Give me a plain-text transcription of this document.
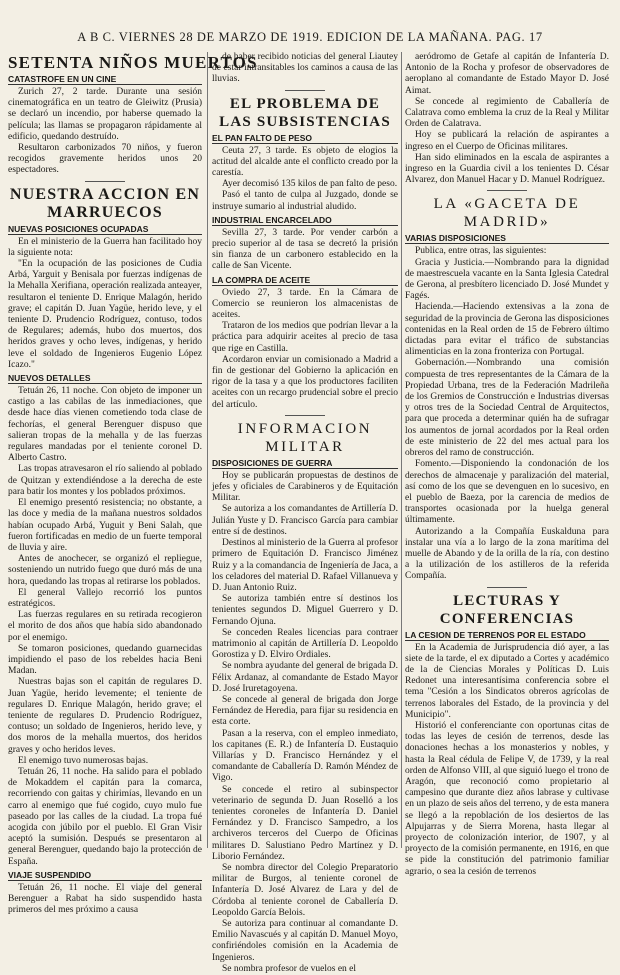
A B C. VIERNES 28 DE MARZO DE 1919. EDICION DE LA MAÑANA. PAG. 17
SETENTA NIÑOS MUERTOS
CATASTROFE EN UN CINE

Zurich 27, 2 tarde. Durante una sesión cinematográfica en un teatro de Gleiwitz (Prusia) se declaró un incendio, por haberse quemado la película; las llamas se propagaron rápidamente al edificio, quedando destruído.

Resultaron carbonizados 70 niños, y fueron recogidos gravemente heridos unos 20 espectadores.

NUESTRA ACCION EN MARRUECOS
NUEVAS POSICIONES OCUPADAS

En el ministerio de la Guerra han facilitado hoy la siguiente nota:

"En la ocupación de las posiciones de Cudia Arbá, Yarguit y Benisala por fuerzas indígenas de la Mehalla Xerifiana, operación realizada anteayer, resultaron el teniente D. Enrique Malagón, herido grave; el capitán D. Juan Yagüe, herido leve, y el teniente D. Prudencio Rodríguez, contuso, todos de Regulares; además, hubo dos muertos, dos heridos graves y ocho leves, indígenas, y herido leve el soldado de Ingenieros Eugenio López Icazo."

NUEVOS DETALLES

Tetuán 26, 11 noche. Con objeto de imponer un castigo a las cabilas de las inmediaciones, que desde hace días vienen cometiendo toda clase de fechorías, el general Berenguer dispuso que salieran tropas de la mehalla y de las fuerzas regulares mandadas por el teniente coronel D. Alberto Castro.

Las tropas atravesaron el río saliendo al poblado de Quitzan y extendiéndose a la derecha de este para batir los montes y los poblados próximos.

El enemigo presentó resistencia; no obstante, a las doce y media de la mañana nuestros soldados habían ocupado Arbá, Yuguit y Beni Salah, que fueron fortificadas en medio de un fuerte temporal de lluvia y aire.

Antes de anochecer, se organizó el repliegue, sosteniendo un nutrido fuego que duró más de una hora, quedando las tropas al retirarse los poblados.

El general Vallejo recorrió los puntos estratégicos.

Las fuerzas regulares en su retirada recogieron el morito de dos años que había sido abandonado por el enemigo.

Se tomaron posiciones, quedando guarnecidas impidiendo el paso de los rebeldes hacia Beni Madan.

Nuestras bajas son el capitán de regulares D. Juan Yagüe, herido levemente; el teniente de regulares D. Enrique Malagón, herido grave; el teniente de regulares D. Prudencio Rodríguez, contuso; un soldado de Ingenieros, herido leve, y dos moros de la mehalla muertos, dos heridos graves y ocho heridos leves.

El enemigo tuvo numerosas bajas.

Tetuán 26, 11 noche. Ha salido para el poblado de Mokaddem el capitán para la comarca, recorriendo con gaitas y chirimías, llevando en un carro al enemigo que fué cogido, cuyo mulo fue paseado por las calles de la ciudad. La tropa fué acogida con júbilo por el pueblo. El Gran Visir aceptó la sumisión. Después se presentaron al general Berenguer, quedando bajo la protección de España.

VIAJE SUSPENDIDO

Tetuán 26, 11 noche. El viaje del general Berenguer a Rabat ha sido suspendido hasta primeros del mes próximo a causa

de haber recibido noticias del general Liautey de estar intransitables los caminos a causa de las lluvias.

EL PROBLEMA DE LAS SUBSISTENCIAS
EL PAN FALTO DE PESO

Ceuta 27, 3 tarde. Es objeto de elogios la actitud del alcalde ante el conflicto creado por la carestía.

Ayer decomisó 135 kilos de pan falto de peso.

Pasó el tanto de culpa al Juzgado, donde se instruye sumario al industrial aludido.

INDUSTRIAL ENCARCELADO

Sevilla 27, 3 tarde. Por vender carbón a precio superior al de tasa se decretó la prisión sin fianza de un carbonero establecido en la calle de San Vicente.

LA COMPRA DE ACEITE

Oviedo 27, 3 tarde. En la Cámara de Comercio se reunieron los almacenistas de aceites.

Trataron de los medios que podrían llevar a la práctica para adquirir aceites al precio de tasa que rige en Castilla.

Acordaron enviar un comisionado a Madrid a fin de gestionar del Gobierno la aplicación en rigor de la tasa y a que los productores faciliten aceites con un recargo prudencial sobre el precio del artículo.

INFORMACION MILITAR
DISPOSICIONES DE GUERRA

Hoy se publicarán propuestas de destinos de jefes y oficiales de Carabineros y de Equitación Militar.

Se autoriza a los comandantes de Artillería D. Julián Yuste y D. Francisco García para cambiar entre sí de destinos.

Destinos al ministerio de la Guerra al profesor primero de Equitación D. Francisco Jiménez Ruiz y a la comandancia de Ingeniería de Jaca, a los celadores del material D. Rafael Villanueva y D. Juan Antonio Ruiz.

Se autoriza también entre sí destinos los tenientes segundos D. Miguel Guerrero y D. Fernando Ojuna.

Se conceden Reales licencias para contraer matrimonio al capitán de Artillería D. Leopoldo Gorostiza y D. Elviro Ordiales.

Se nombra ayudante del general de brigada D. Félix Ardanaz, al comandante de Estado Mayor D. José Iruretagoyena.

Se concede al general de brigada don Jorge Fernández de Heredia, para fijar su residencia en esta corte.

Pasan a la reserva, con el empleo inmediato, los capitanes (E. R.) de Infantería D. Eustaquio Villarías y D. Francisco Hernández y el comandante de Caballería D. Ramón Méndez de Vigo.

Se concede el retiro al subinspector veterinario de segunda D. Juan Roselló a los tenientes coroneles de Infantería D. Daniel Fernández y D. Francisco Sampedro, a los archiveros terceros del Cuerpo de Oficinas militares D. Salustiano Pedro Martínez y D. Liborio Fernández.

Se nombra director del Colegio Preparatorio militar de Burgos, al teniente coronel de Infantería D. José Alvarez de Lara y del de Córdoba al teniente coronel de Caballería D. Leopoldo García Belois.

Se autoriza para continuar al comandante D. Emilio Navascués y al capitán D. Manuel Moyo, confiriéndoles comisión en la Academia de Ingenieros.

Se nombra profesor de vuelos en el

aeródromo de Getafe al capitán de Infantería D. Antonio de la Rocha y profesor de observadores de aeroplano al comandante de Estado Mayor D. José Aimat.

Se concede al regimiento de Caballería de Calatrava como emblema la cruz de la Real y Militar Orden de Calatrava.

Hoy se publicará la relación de aspirantes a ingreso en el Cuerpo de Oficinas militares.

Han sido eliminados en la escala de aspirantes a ingreso en la Guardia civil a los tenientes D. César Alvarez, don Manuel Hacar y D. Manuel Rodríguez.

LA «GACETA DE MADRID»
VARIAS DISPOSICIONES

Publica, entre otras, las siguientes:

Gracia y Justicia.—Nombrando para la dignidad de maestrescuela vacante en la Santa Iglesia Catedral de Gerona, al presbítero licenciado D. José Mundet y Fagés.

Hacienda.—Haciendo extensivas a la zona de seguridad de la provincia de Gerona las disposiciones contenidas en la Real orden de 15 de Febrero último dictadas para evitar el tráfico de substancias alimenticias en la zona fronteriza con Portugal.

Gobernación.—Nombrando una comisión compuesta de tres representantes de la Cámara de la Propiedad Urbana, tres de la Federación Madrileña de los Gremios de Construcción e Industrias diversas y otros tres de la Sociedad Central de Arquitectos, para que proceda a determinar quién ha de sufragar los aumentos de jornal acordados por la Real orden de este ministerio de 22 del mes actual para los obreros del ramo de construcción.

Fomento.—Disponiendo la condonación de los derechos de almacenaje y paralización del material, así como de los que se devenguen en lo sucesivo, en el pueblo de Baeza, por la carencia de medios de transportes ocasionada por la huelga general últimamente.

Autorizando a la Compañía Euskalduna para instalar una vía a lo largo de la zona marítima del muelle de Abando y de la orilla de la ría, con destino a la utilización de los astilleros de la referida Compañía.

LECTURAS Y CONFERENCIAS
LA CESION DE TERRENOS POR EL ESTADO

En la Academia de Jurisprudencia dió ayer, a las siete de la tarde, el ex diputado a Cortes y académico de la de Ciencias Morales y Políticas D. Luis Redonet una interesantísima conferencia sobre el tema "Cesión a los Sindicatos obreros agrícolas de terrenos laborales del Estado, de la provincia y del Municipio".

Historió el conferenciante con oportunas citas de todas las leyes de cesión de terrenos, desde las donaciones hechas a los monasterios y nobles, y hasta la Real cédula de Felipe V, de 1739, y la real orden de Alfonso VIII, al que siguió luego el trono de Aragón, que reconoció como propietario al campesino que durante diez años labrase y cultivase en un plazo de seis años del terreno, y de esta manera se llegó a la repoblación de los desiertos de las Alpujarras y de Sierra Morena, hasta llegar al proyecto de colonización interior, de 1907, y al proyecto de la comisión permanente, en 1916, en que se pide la constitución del patrimonio familiar agrario, o sea la cesión de terrenos
